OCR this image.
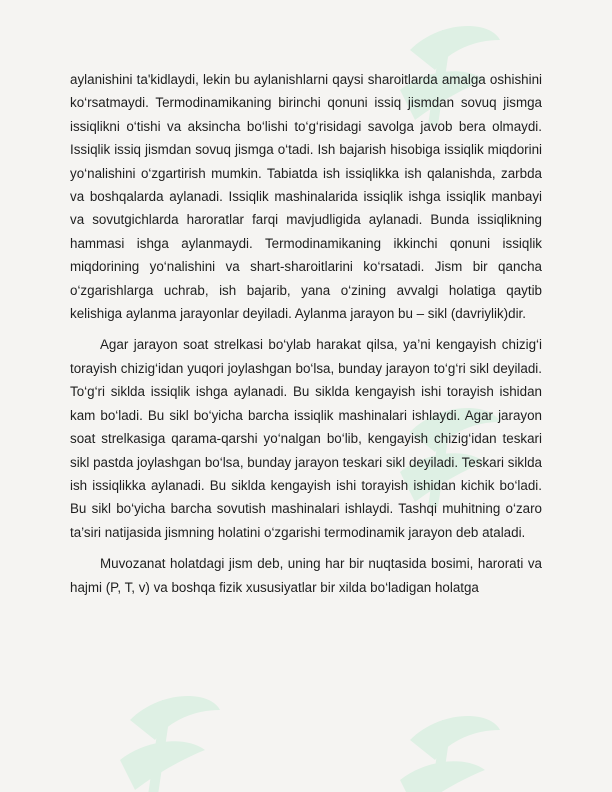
aylanishini ta'kidlaydi, lekin bu aylanishlarni qaysi sharoitlarda amalga oshishini ko‘rsatmaydi. Termodinamikaning birinchi qonuni issiq jismdan sovuq jismga issiqlikni o‘tishi va aksincha bo‘lishi to‘g‘risidagi savolga javob bera olmaydi. Issiqlik issiq jismdan sovuq jismga o‘tadi. Ish bajarish hisobiga issiqlik miqdorini yo‘nalishini o‘zgartirish mumkin. Tabiatda ish issiqlikka ish qalanishda, zarbda va boshqalarda aylanadi. Issiqlik mashinalarida issiqlik ishga issiqlik manbayi va sovutgichlarda haroratlar farqi mavjudligida aylanadi. Bunda issiqlikning hammasi ishga aylanmaydi. Termodinamikaning ikkinchi qonuni issiqlik miqdorining yo‘nalishini va shart-sharoitlarini ko‘rsatadi. Jism bir qancha o‘zgarishlarga uchrab, ish bajarib, yana o‘zining avvalgi holatiga qaytib kelishiga aylanma jarayonlar deyiladi. Aylanma jarayon bu – sikl (davriylik)dir.

Agar jarayon soat strelkasi bo‘ylab harakat qilsa, ya’ni kengayish chizig‘i torayish chizig‘idan yuqori joylashgan bo‘lsa, bunday jarayon to‘g‘ri sikl deyiladi. To‘g‘ri siklda issiqlik ishga aylanadi. Bu siklda kengayish ishi torayish ishidan kam bo‘ladi. Bu sikl bo‘yicha barcha issiqlik mashinalari ishlaydi. Agar jarayon soat strelkasiga qarama-qarshi yo‘nalgan bo‘lib, kengayish chizig‘idan teskari sikl pastda joylashgan bo‘lsa, bunday jarayon teskari sikl deyiladi. Teskari siklda ish issiqlikka aylanadi. Bu siklda kengayish ishi torayish ishidan kichik bo‘ladi. Bu sikl bo‘yicha barcha sovutish mashinalari ishlaydi. Tashqi muhitning o‘zaro ta’siri natijasida jismning holatini o‘zgarishi termodinamik jarayon deb ataladi.

Muvozanat holatdagi jism deb, uning har bir nuqtasida bosimi, harorati va hajmi (P, T, v) va boshqa fizik xususiyatlar bir xilda bo‘ladigan holatga
